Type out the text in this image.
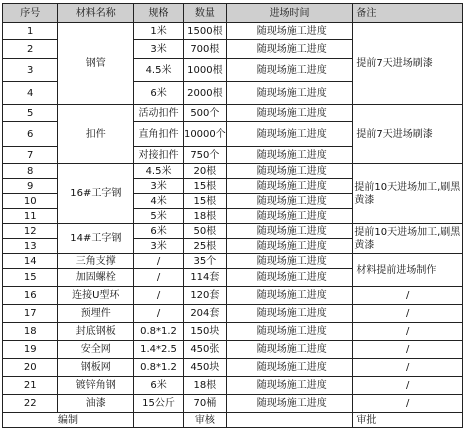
序号	材料名称	规格	数量	进场时间	备注
1	钢管	1米	1500根	随现场施工进度	提前7天进场刷漆
2		3米	700根	随现场施工进度	
3		4.5米	1000根	随现场施工进度	
4		6米	2000根	随现场施工进度	
5	扣件	活动扣件	500个	随现场施工进度	提前7天进场刷漆
6		直角扣件	10000个	随现场施工进度	
7		对接扣件	750个	随现场施工进度	
8	16#工字钢	4.5米	20根	随现场施工进度	提前10天进场加工,刷黑黄漆
9		3米	15根	随现场施工进度	
10		4米	15根	随现场施工进度	
11		5米	18根	随现场施工进度	
12	14#工字钢	6米	50根	随现场施工进度	提前10天进场加工,刷黑黄漆
13		3米	25根	随现场施工进度	
14	三角支撑	/	35个	随现场施工进度	材料提前进场制作
15	加固螺栓	/	114套	随现场施工进度	
16	连接U型环	/	120套	随现场施工进度	/
17	预埋件	/	204套	随现场施工进度	/
18	封底钢板	0.8*1.2	150块	随现场施工进度	/
19	安全网	1.4*2.5	450张	随现场施工进度	/
20	钢板网	0.8*1.2	450块	随现场施工进度	/
21	镀锌角钢	6米	18根	随现场施工进度	/
22	油漆	15公斤	70桶	随现场施工进度	/
编制			审核		审批
